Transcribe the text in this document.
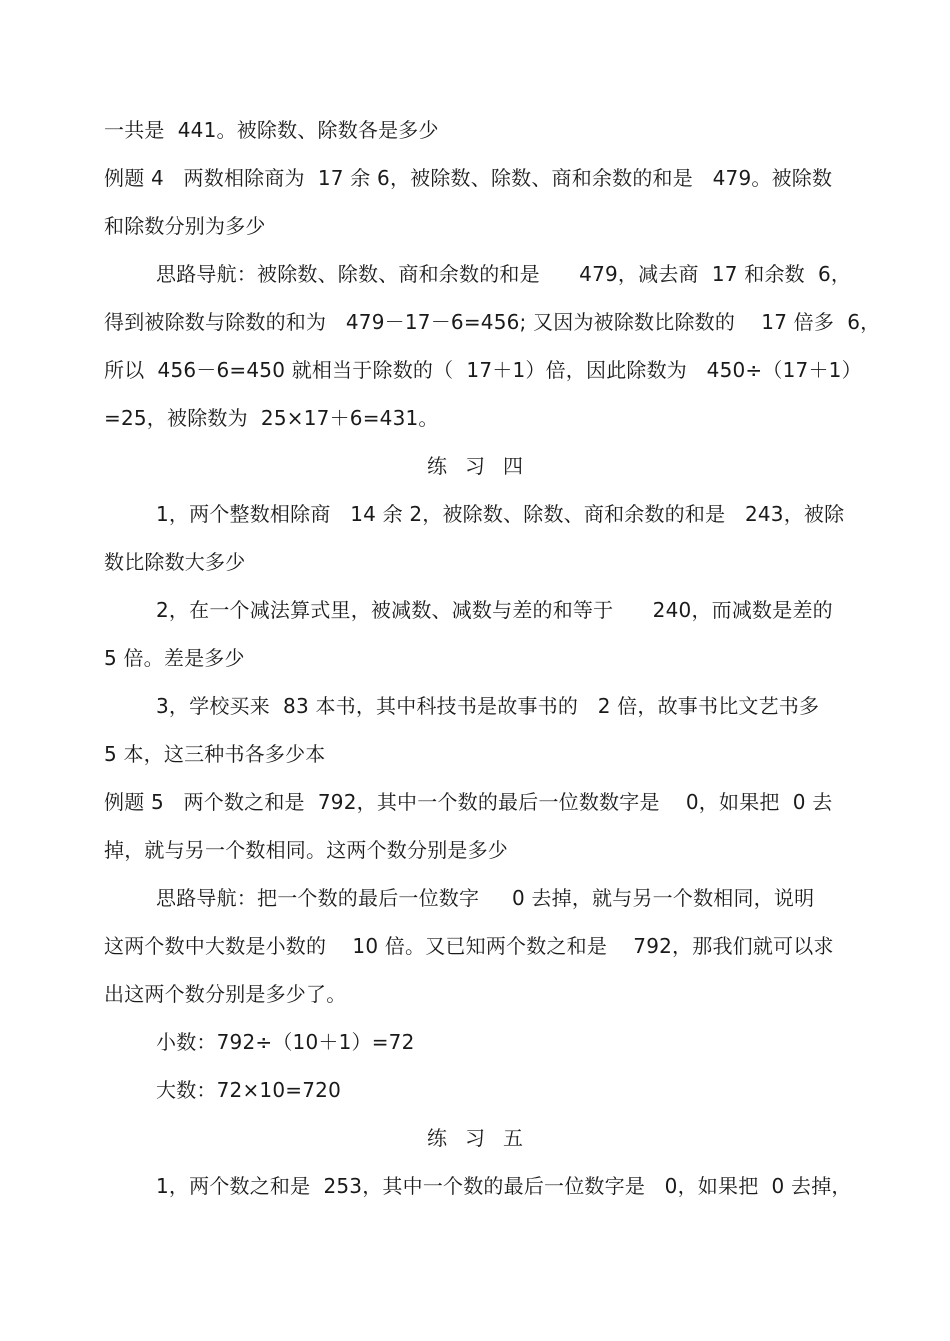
一共是  441。被除数、除数各是多少
例题 4   两数相除商为  17 余 6，被除数、除数、商和余数的和是   479。被除数
和除数分别为多少
思路导航：被除数、除数、商和余数的和是      479，减去商  17 和余数  6，
得到被除数与除数的和为   479－17－6=456; 又因为被除数比除数的    17 倍多  6，
所以  456－6=450 就相当于除数的（  17＋1）倍，因此除数为   450÷（17＋1）
=25，被除数为  25×17＋6=431。
练习四
1，两个整数相除商   14 余 2，被除数、除数、商和余数的和是   243，被除
数比除数大多少
2，在一个减法算式里，被减数、减数与差的和等于      240，而减数是差的
5 倍。差是多少
3，学校买来  83 本书，其中科技书是故事书的   2 倍，故事书比文艺书多
5 本，这三种书各多少本
例题 5   两个数之和是  792，其中一个数的最后一位数数字是    0，如果把  0 去
掉，就与另一个数相同。这两个数分别是多少
思路导航：把一个数的最后一位数字     0 去掉，就与另一个数相同，说明
这两个数中大数是小数的    10 倍。又已知两个数之和是    792，那我们就可以求
出这两个数分别是多少了。
小数：792÷（10＋1）=72
大数：72×10=720
练习五
1，两个数之和是  253，其中一个数的最后一位数字是   0，如果把  0 去掉，
